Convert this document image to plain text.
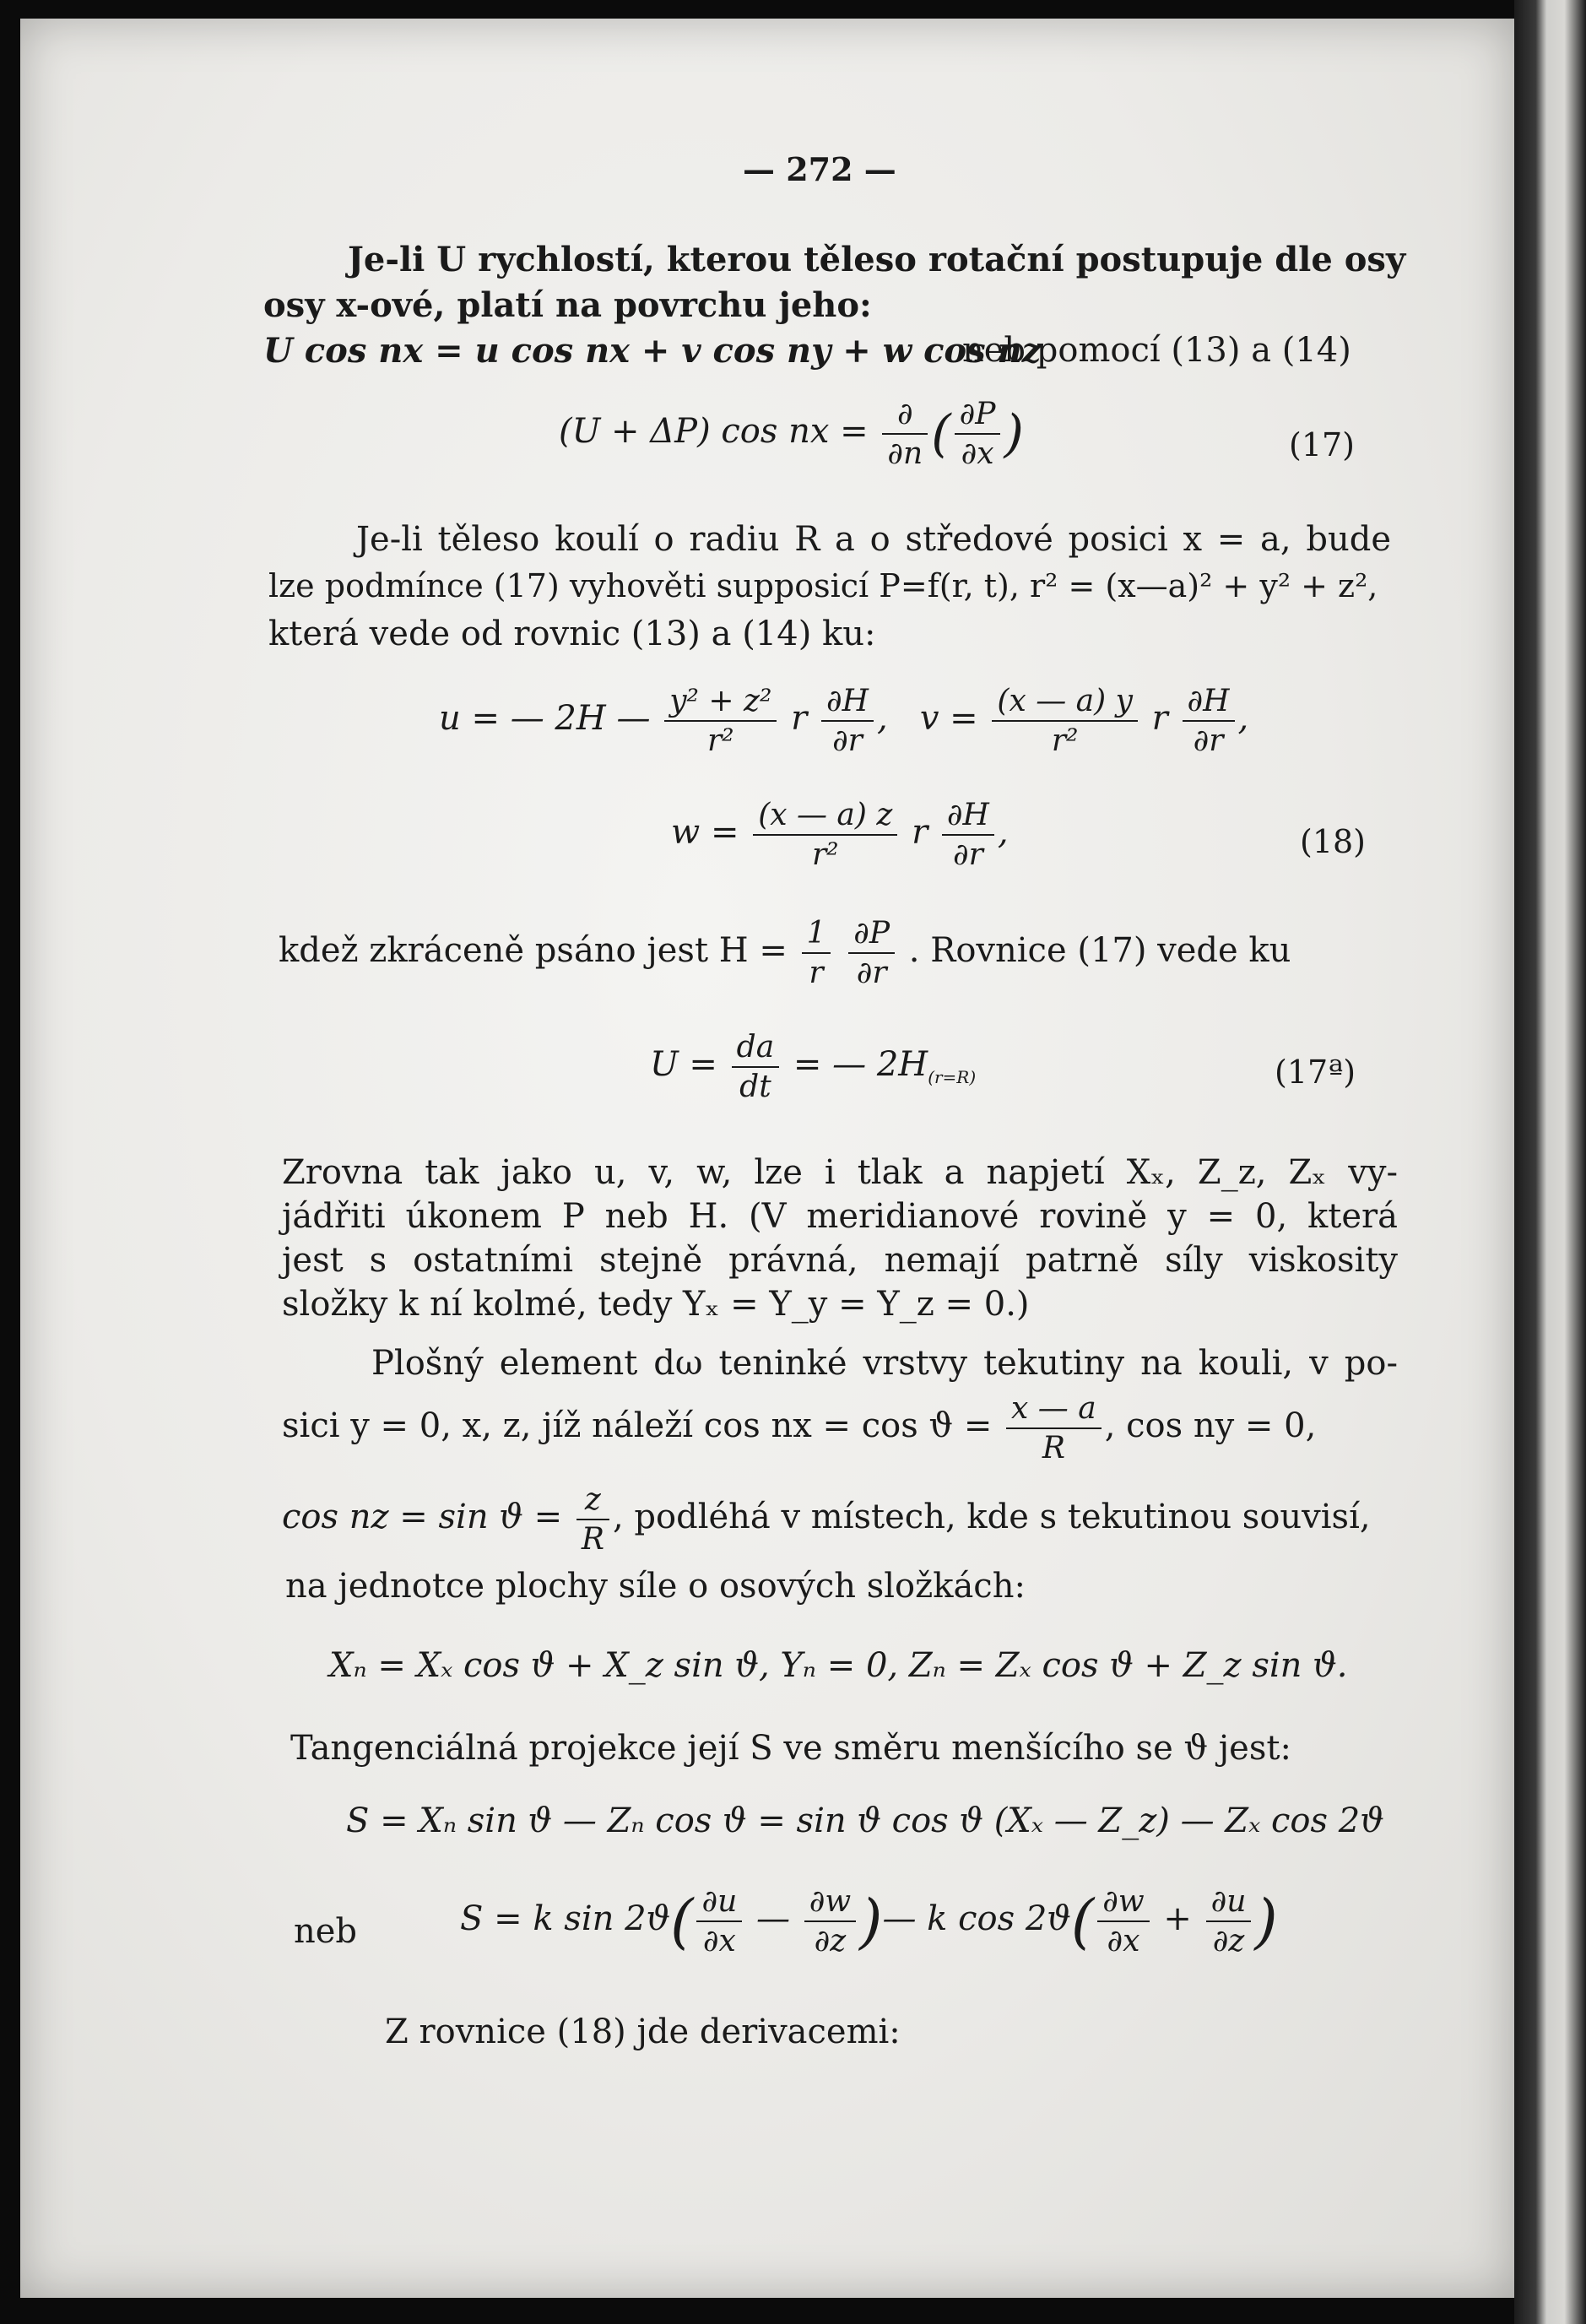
— 272 —
Je-li U rychlostí, kterou těleso rotační postupuje dle osy
osy x-ové, platí na povrchu jeho:
U cos nx = u cos nx + v cos ny + w cos nz
neb pomocí (13) a (14)
(U + ΔP) cos nx = $\frac{\partial}{\partial n}$ ( $\frac{\partial P}{\partial x}$ )	(17)
Je-li těleso koulí o radiu R a o středové posici x = a, bude
lze podmínce (17) vyhověti supposicí P=f(r, t), r² = (x—a)² + y² + z²,
která vede od rovnic (13) a (14) ku:
u = — 2H — $\frac{\text{y² + z²}}{\text{r²}}$ r $\frac{\partial H}{\partial r}$ , $v = \frac{(x — a) y}{\text{r²}}$ r $\frac{\partial H}{\partial r}$ ,
$w = \frac{(x — a) z}{\text{r²}}$ r $\frac{\partial H}{\partial r}$ ,	(18)
kdež zkráceně psáno jest $H = \frac{1}{r}$
$\frac{\partial P}{\partial r}$ . Rovnice (17) vede ku
$U = \frac{da}{dt}$ = — $2H_{(r=R)}$	(17ª)
Zrovna tak jako u, v, w, lze i tlak a napjetí Xₓ, Z_z, Zₓ vy-
jádřiti úkonem P neb H. (V meridianové rovině y = 0, která
jest s ostatními stejně právná, nemají patrně síly viskosity
složky k ní kolmé, tedy Yₓ = Y_y = Y_z = 0.)
Plošný element dω teninké vrstvy tekutiny na kouli, v po-
sici y = 0, x, z, jíž náleží cos nx = $\cos ϑ = \frac{x — a}{R}$ , cos ny = 0,
cos nz = $\sin ϑ = \frac{z}{R}$ , podléhá v místech, kde s tekutinou souvisí,
na jednotce plochy síle o osových složkách:
Xₙ = Xₓ cos ϑ + X_z sin ϑ, Yₙ = 0, Zₙ = Zₓ cos ϑ + Z_z sin ϑ.
Tangenciálná projekce její S ve směru menšícího se ϑ jest:
S = Xₙ sin ϑ — Zₙ cos ϑ = sin ϑ cos ϑ (Xₓ — Z_z) — Zₓ cos 2ϑ
neb	S = k $\sin 2ϑ( \frac{\partial u}{\partial x}$ — $\frac{\partial w}{\partial z}$ )— k $\cos 2ϑ( \frac{\partial w}{\partial x} + \frac{\partial u}{\partial z}$ )
Z rovnice (18) jde derivacemi:
